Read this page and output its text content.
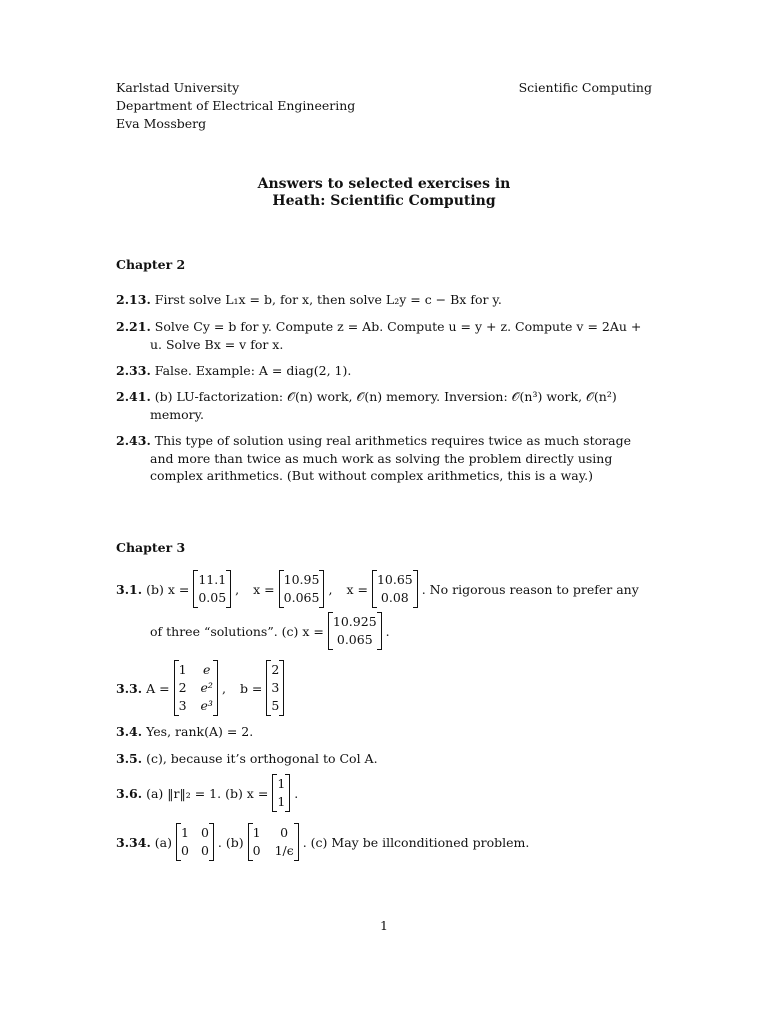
Karlstad University
Department of Electrical Engineering
Eva Mossberg
Scientific Computing
Answers to selected exercises in
Heath: Scientific Computing
Chapter 2
2.13. First solve L₁x = b, for x, then solve L₂y = c − Bx for y.
2.21. Solve Cy = b for y. Compute z = Ab. Compute u = y + z. Compute v = 2Au + u. Solve Bx = v for x.
2.33. False. Example: A = diag(2, 1).
2.41. (b) LU-factorization: 𝒪(n) work, 𝒪(n) memory. Inversion: 𝒪(n³) work, 𝒪(n²) memory.
2.43. This type of solution using real arithmetics requires twice as much storage and more than twice as much work as solving the problem directly using complex arithmetics. (But without complex arithmetics, this is a way.)
Chapter 3
3.1.
(b) x =
11.1
0.05
, x =
10.95
0.065
, x =
10.65
0.08
. No rigorous reason to prefer any
of three “solutions”. (c) x =
10.925
0.065
.
3.3.
A =
1 e
2 e²
3 e³
, b =
2
3
5
3.4. Yes, rank(A) = 2.
3.5. (c), because it’s orthogonal to Col A.
3.6.
(a) ‖r‖₂ = 1. (b) x =
1
1
.
3.34.
(a)
1 0
0 0
. (b)
1	0
0 1/ϵ
. (c) May be illconditioned problem.
1
